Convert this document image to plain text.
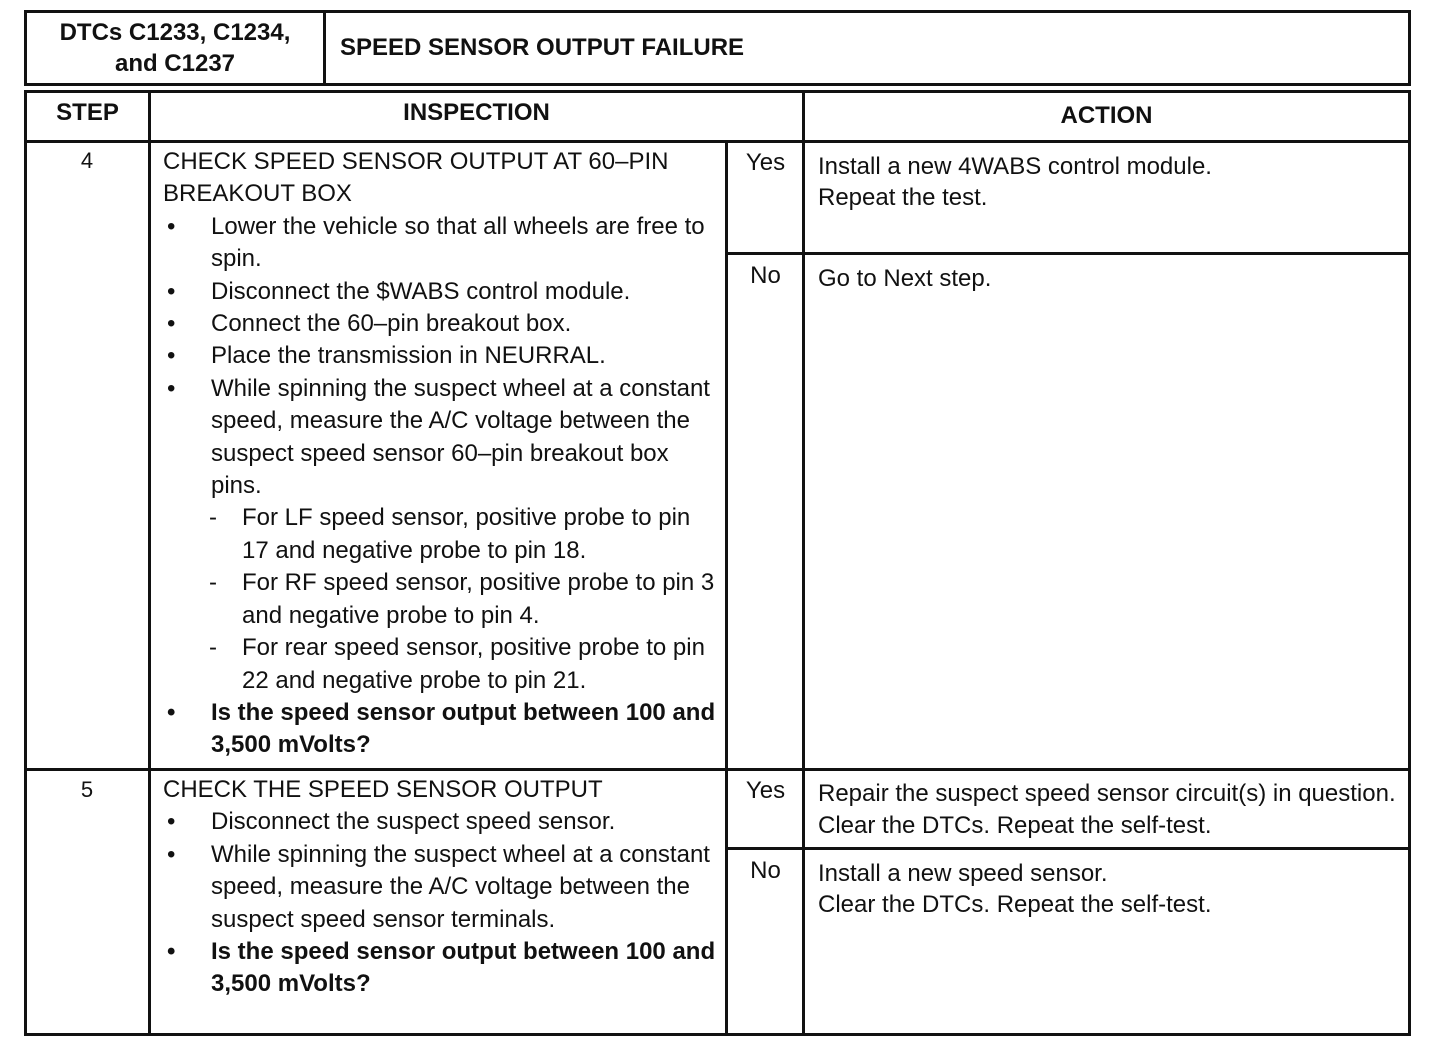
DTCs C1233, C1234,
and C1237
SPEED SENSOR OUTPUT FAILURE
STEP	INSPECTION	ACTION
4	CHECK SPEED SENSOR OUTPUT AT 60–PIN BREAKOUT BOX
•	Lower the vehicle so that all wheels are free to spin.
•	Disconnect the $WABS control module.
•	Connect the 60–pin breakout box.
•	Place the transmission in NEURRAL.
•	While spinning the suspect wheel at a constant speed, measure the A/C voltage between the suspect speed sensor 60–pin breakout box pins.
-	For LF speed sensor, positive probe to pin 17 and negative probe to pin 18.
-	For RF speed sensor, positive probe to pin 3 and negative probe to pin 4.
-	For rear speed sensor, positive probe to pin 22 and negative probe to pin 21.
•	Is the speed sensor output between 100 and 3,500 mVolts?
Yes	Install a new 4WABS control module.
Repeat the test.
No	Go to Next step.
5	CHECK THE SPEED SENSOR OUTPUT
•	Disconnect the suspect speed sensor.
•	While spinning the suspect wheel at a constant speed, measure the A/C voltage between the suspect speed sensor terminals.
•	Is the speed sensor output between 100 and 3,500 mVolts?
Yes	Repair the suspect speed sensor circuit(s) in question. Clear the DTCs. Repeat the self-test.
No	Install a new speed sensor.
Clear the DTCs. Repeat the self-test.
